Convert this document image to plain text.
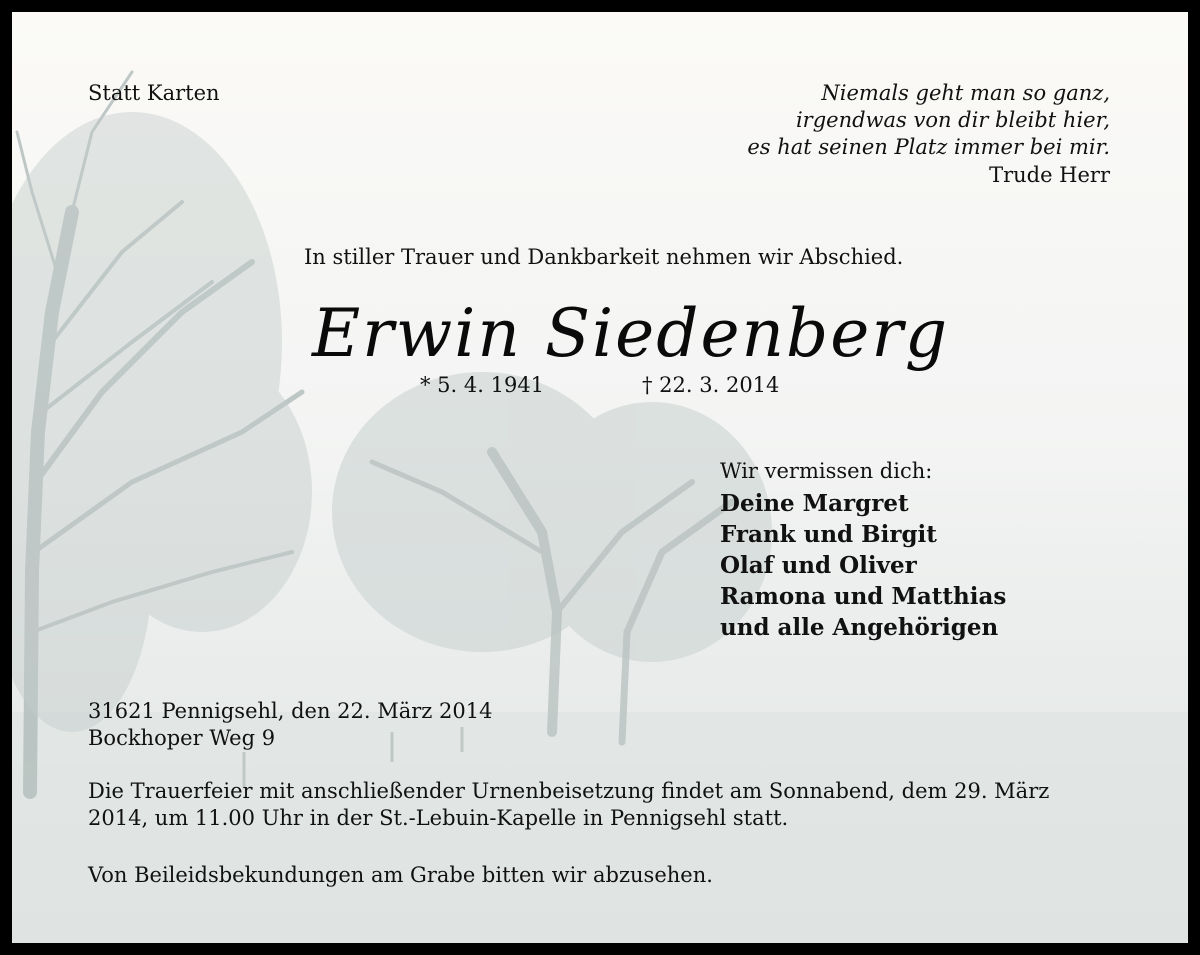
Statt Karten	Niemals geht man so ganz,
irgendwas von dir bleibt hier,
es hat seinen Platz immer bei mir.
Trude Herr
In stiller Trauer und Dankbarkeit nehmen wir Abschied.
Erwin Siedenberg
* 5. 4. 1941	† 22. 3. 2014
Wir vermissen dich:
Deine Margret
Frank und Birgit
Olaf und Oliver
Ramona und Matthias
und alle Angehörigen
31621 Pennigsehl, den 22. März 2014
Bockhoper Weg 9
Die Trauerfeier mit anschließender Urnenbeisetzung findet am Sonnabend, dem 29. März
2014, um 11.00 Uhr in der St.-Lebuin-Kapelle in Pennigsehl statt.
Von Beileidsbekundungen am Grabe bitten wir abzusehen.
